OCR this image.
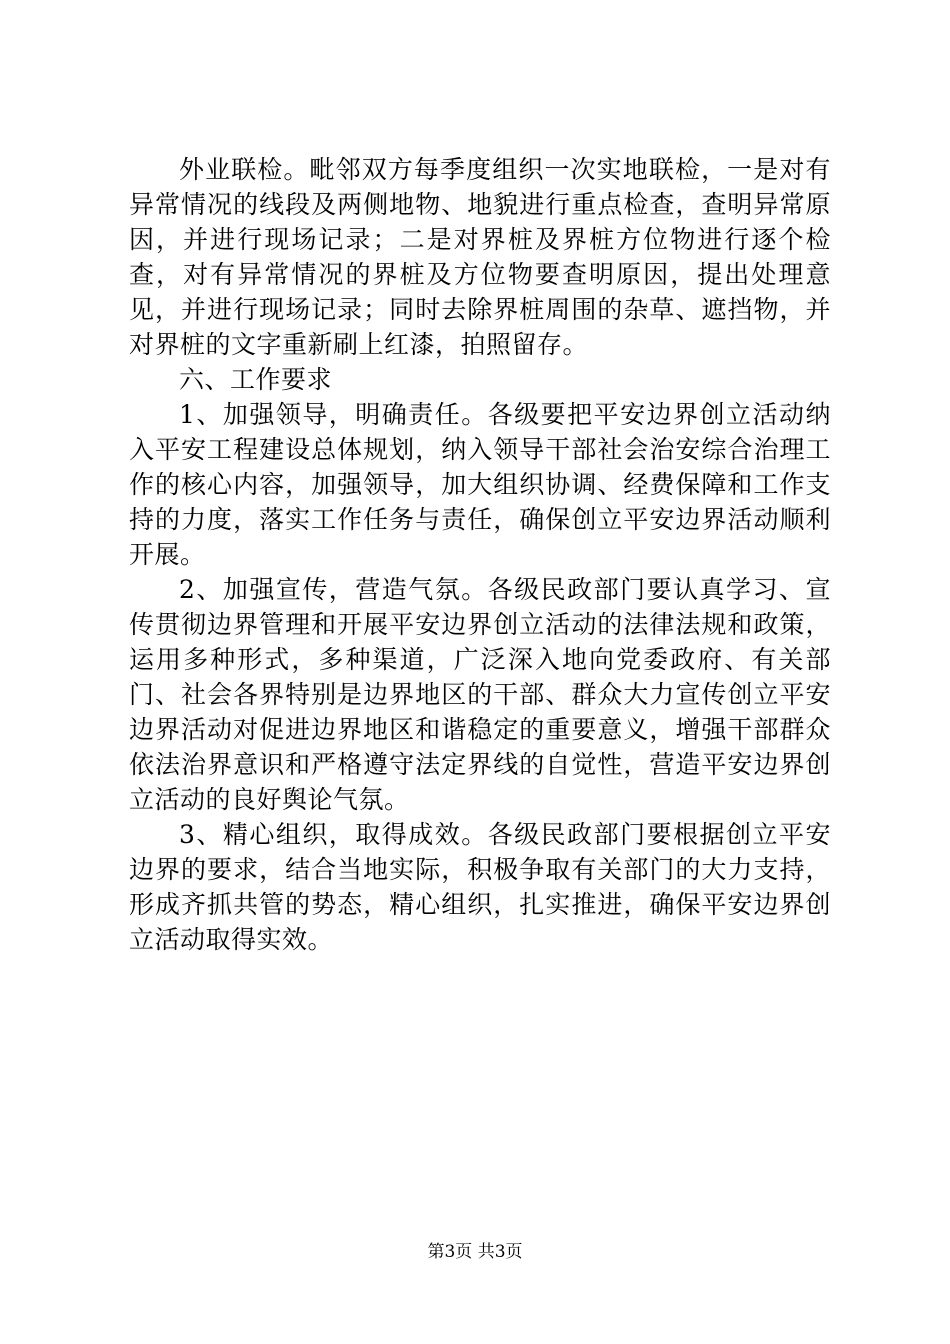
外业联检。毗邻双方每季度组织一次实地联检，一是对有异常情况的线段及两侧地物、地貌进行重点检查，查明异常原因，并进行现场记录；二是对界桩及界桩方位物进行逐个检查，对有异常情况的界桩及方位物要查明原因，提出处理意见，并进行现场记录；同时去除界桩周围的杂草、遮挡物，并对界桩的文字重新刷上红漆，拍照留存。

六、工作要求

1、加强领导，明确责任。各级要把平安边界创立活动纳入平安工程建设总体规划，纳入领导干部社会治安综合治理工作的核心内容，加强领导，加大组织协调、经费保障和工作支持的力度，落实工作任务与责任，确保创立平安边界活动顺利开展。

2、加强宣传，营造气氛。各级民政部门要认真学习、宣传贯彻边界管理和开展平安边界创立活动的法律法规和政策，运用多种形式，多种渠道，广泛深入地向党委政府、有关部门、社会各界特别是边界地区的干部、群众大力宣传创立平安边界活动对促进边界地区和谐稳定的重要意义，增强干部群众依法治界意识和严格遵守法定界线的自觉性，营造平安边界创立活动的良好舆论气氛。

3、精心组织，取得成效。各级民政部门要根据创立平安边界的要求，结合当地实际，积极争取有关部门的大力支持，形成齐抓共管的势态，精心组织，扎实推进，确保平安边界创立活动取得实效。

第3页 共3页
